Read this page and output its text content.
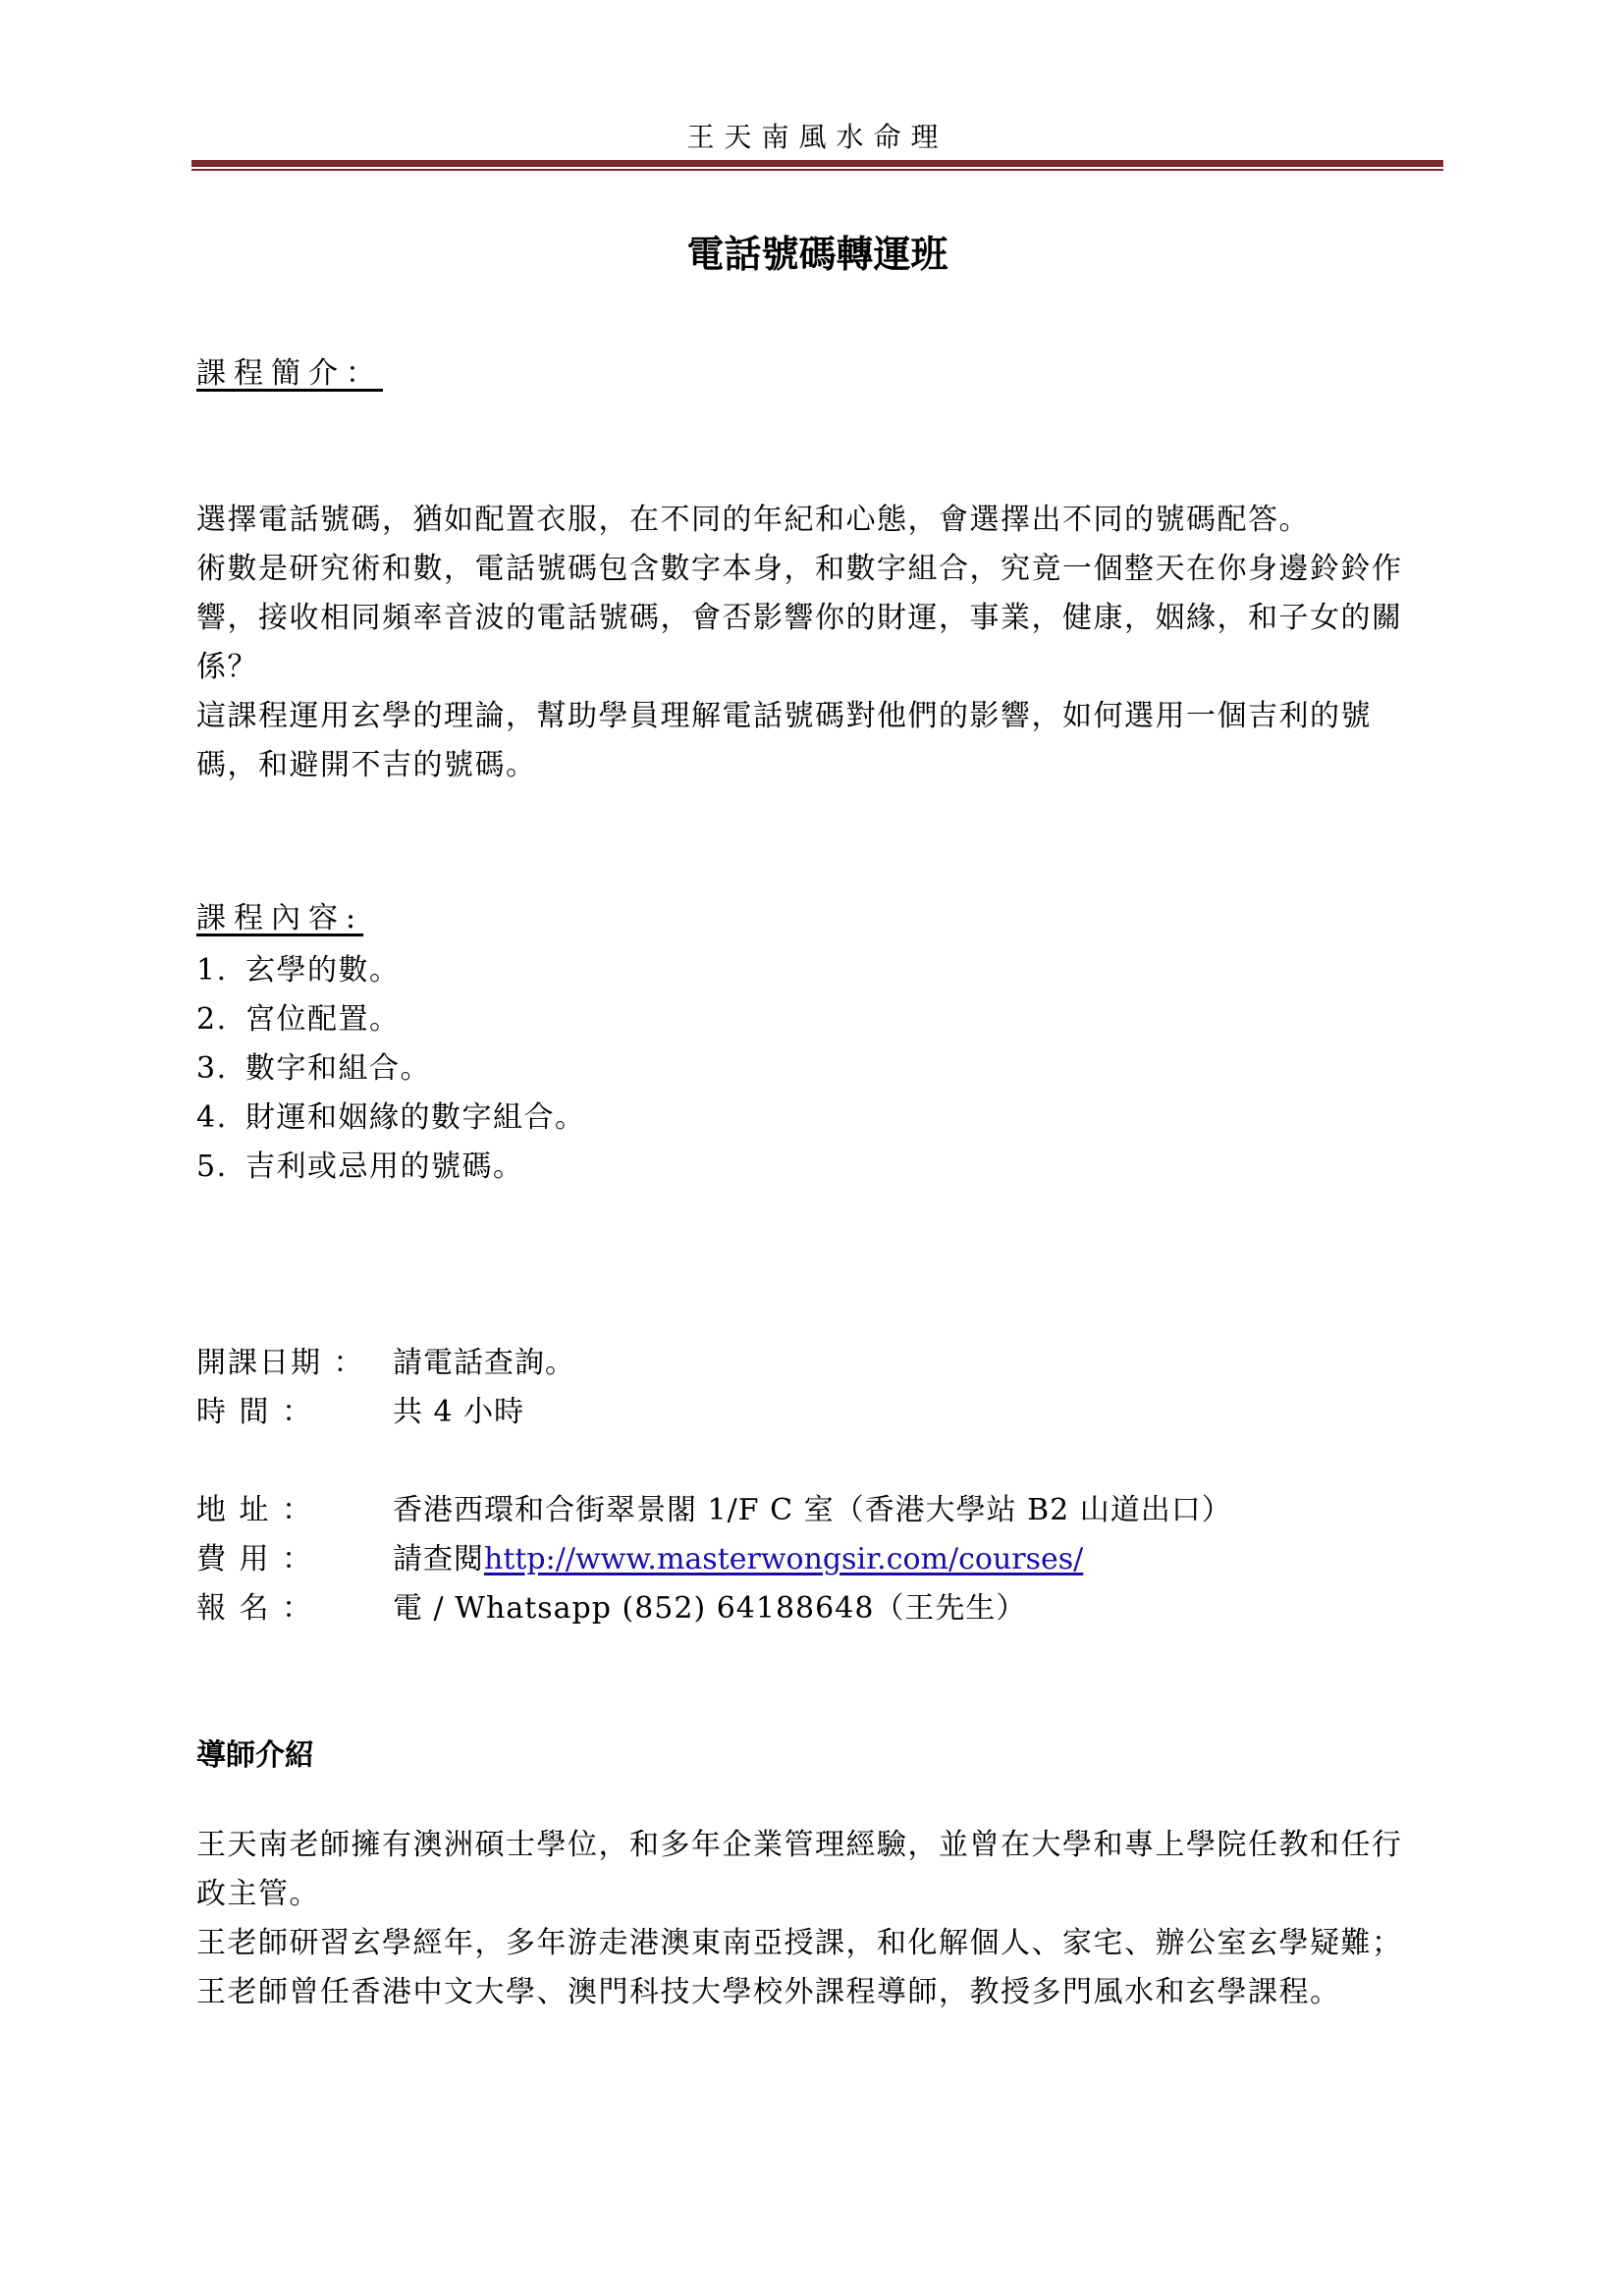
王天南風水命理
電話號碼轉運班
課程簡介：

選擇電話號碼，猶如配置衣服，在不同的年紀和心態，會選擇出不同的號碼配答。

術數是研究術和數，電話號碼包含數字本身，和數字組合，究竟一個整天在你身邊鈴鈴作響，接收相同頻率音波的電話號碼，會否影響你的財運，事業，健康，姻緣，和子女的關係？

這課程運用玄學的理論，幫助學員理解電話號碼對他們的影響，如何選用一個吉利的號碼，和避開不吉的號碼。

課程內容:
1. 玄學的數。
2. 宮位配置。
3. 數字和組合。
4. 財運和姻緣的數字組合。
5. 吉利或忌用的號碼。
開課日期 ： 請電話查詢。
時 間 ：	共 4 小時
地 址 ：	香港西環和合街翠景閣 1/F C 室（香港大學站 B2 山道出口）
費 用 ：	請查閱http://www.masterwongsir.com/courses/
報 名 ：	電 / Whatsapp (852) 64188648（王先生）
導師介紹

王天南老師擁有澳洲碩士學位，和多年企業管理經驗，並曾在大學和專上學院任教和任行政主管。

王老師研習玄學經年，多年游走港澳東南亞授課，和化解個人、家宅、辦公室玄學疑難；王老師曾任香港中文大學、澳門科技大學校外課程導師，教授多門風水和玄學課程。
